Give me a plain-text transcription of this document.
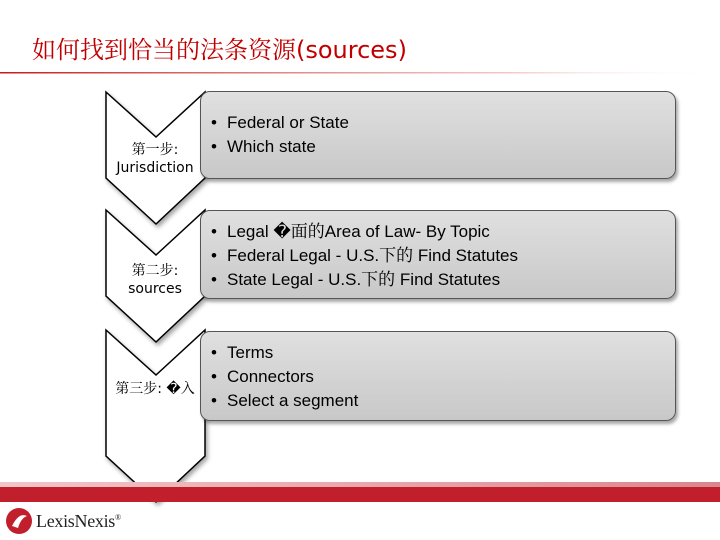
如何找到恰当的法条资源(sources)
第一步:
Jurisdiction
• Federal or State
• Which state
第二步:
sources
• Legal �面的Area of Law- By Topic
• Federal Legal - U.S.下的 Find Statutes
• State Legal - U.S.下的 Find Statutes
第三步: �入
• Terms
• Connectors
• Select a segment
LexisNexis®
